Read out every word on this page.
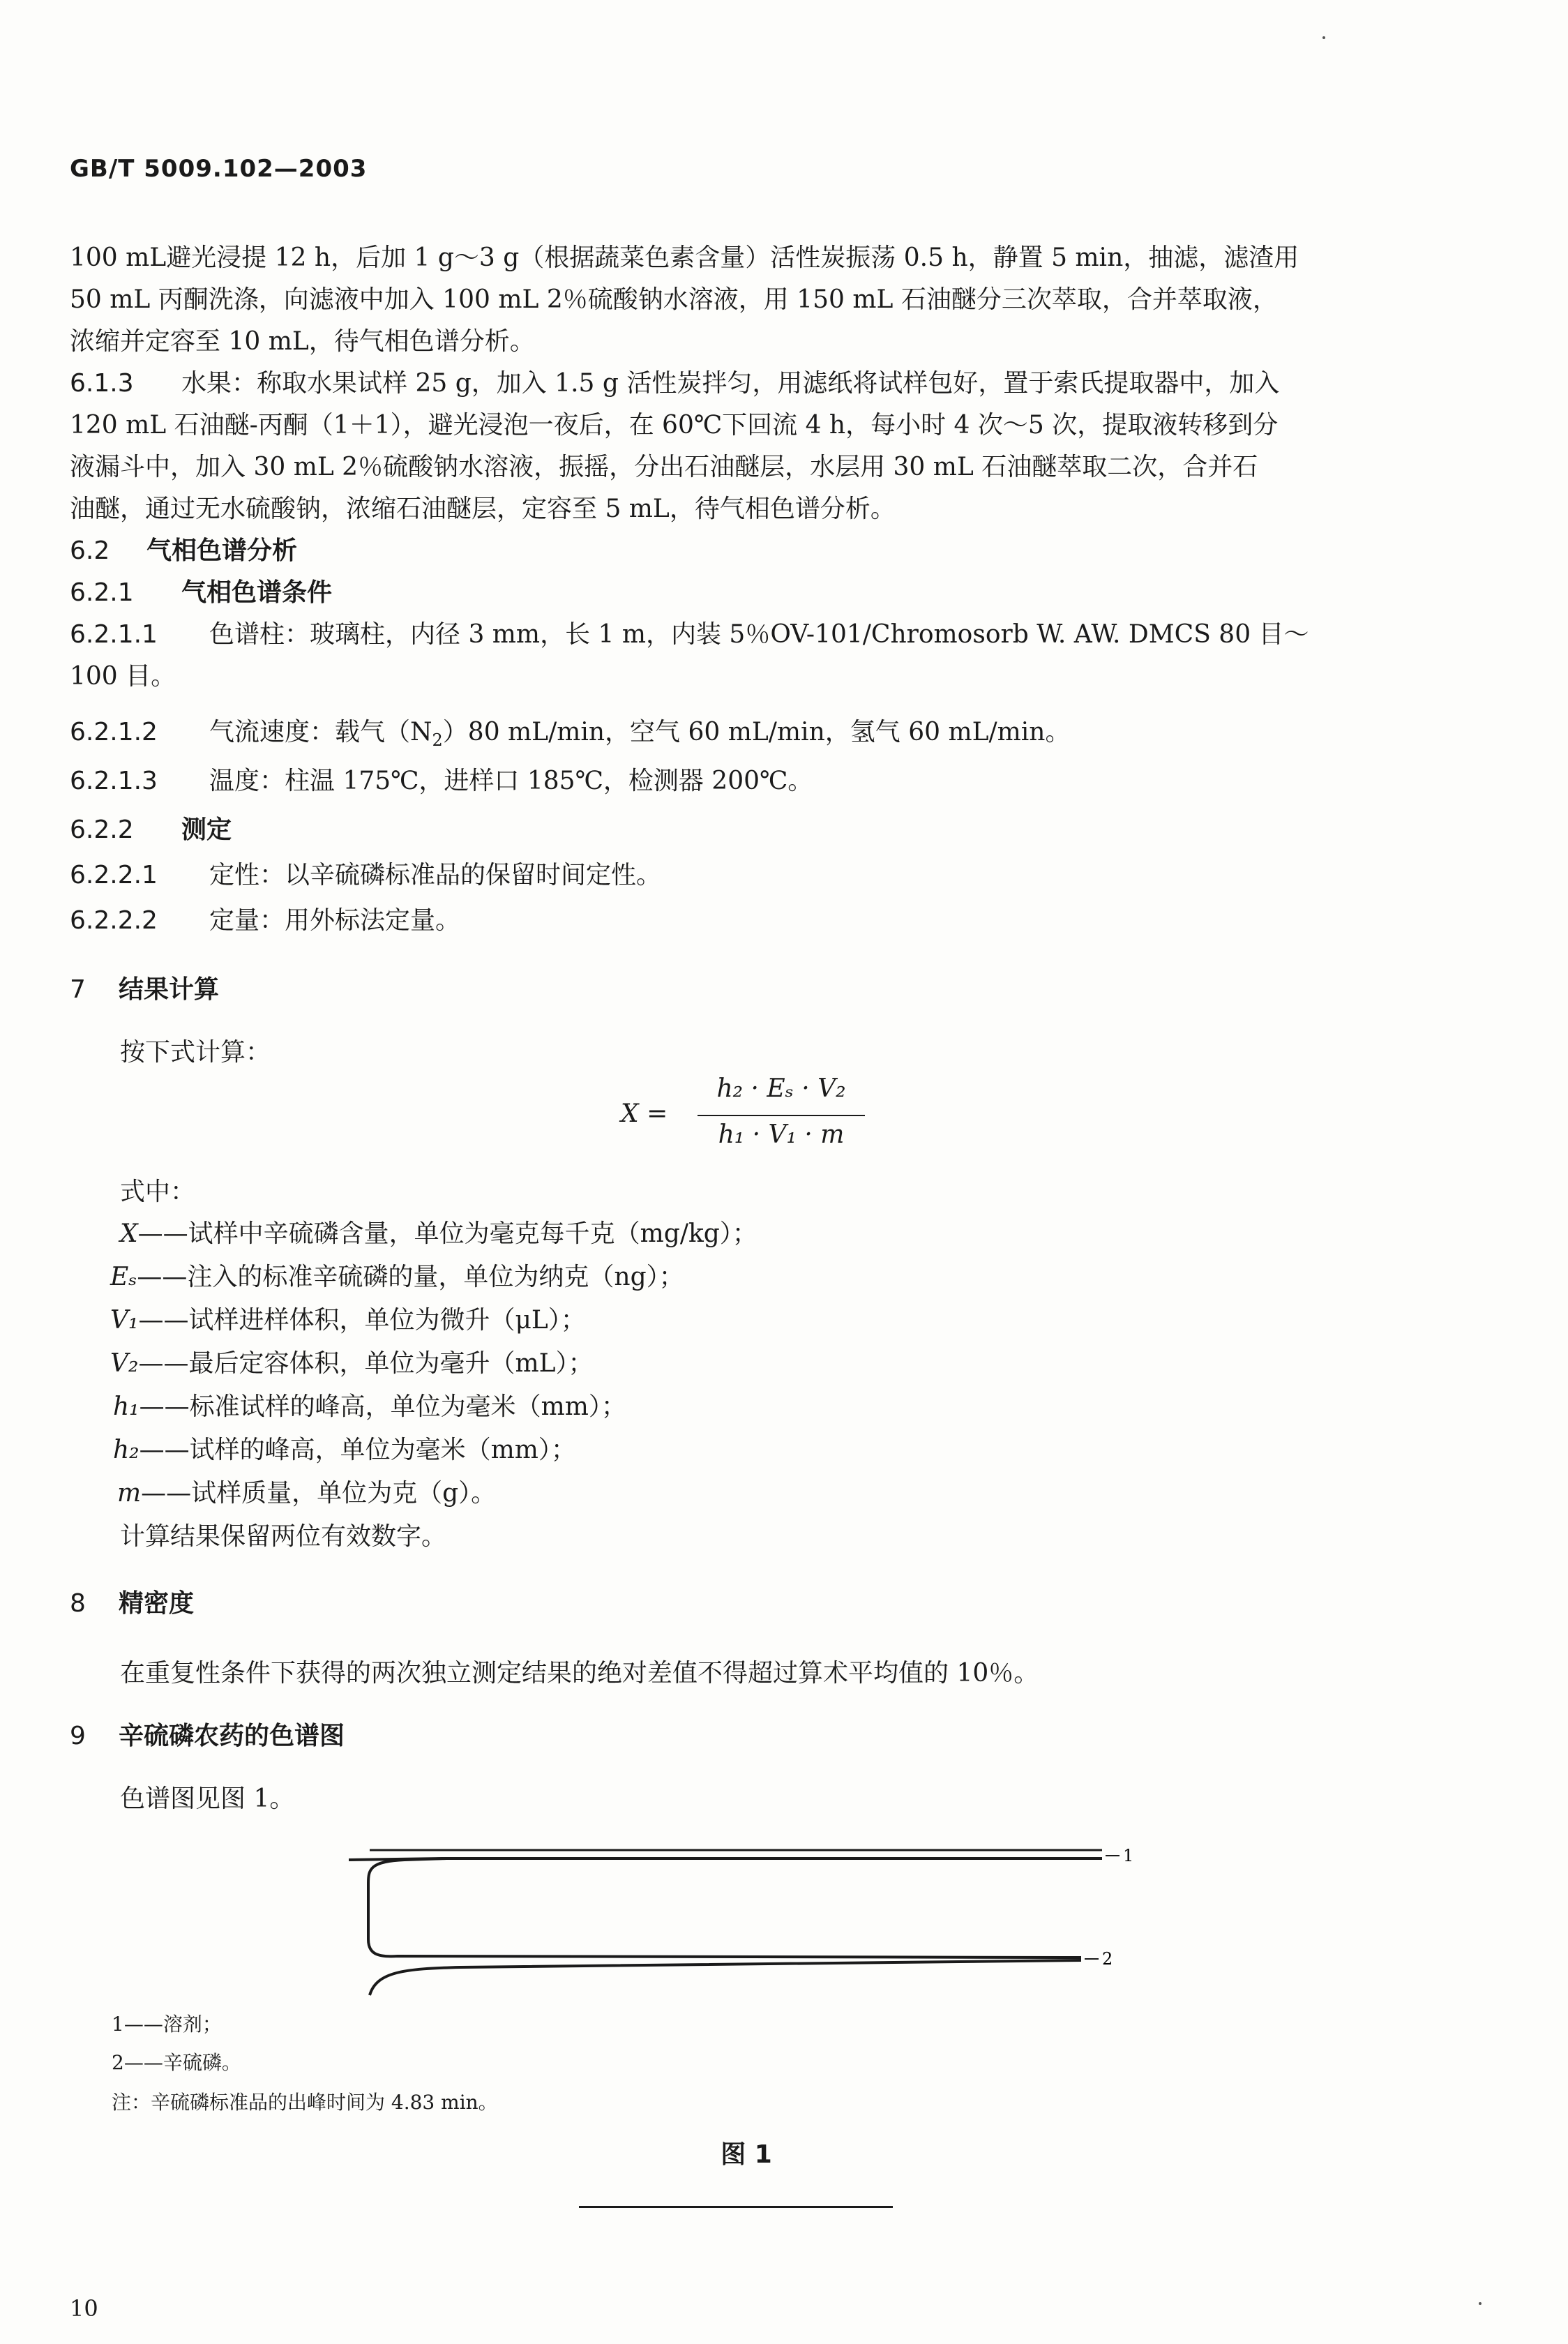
GB/T 5009.102—2003
100 mL避光浸提 12 h，后加 1 g～3 g（根据蔬菜色素含量）活性炭振荡 0.5 h，静置 5 min，抽滤，滤渣用
50 mL 丙酮洗涤，向滤液中加入 100 mL 2％硫酸钠水溶液，用 150 mL 石油醚分三次萃取，合并萃取液，
浓缩并定容至 10 mL，待气相色谱分析。
6.1.3 水果：称取水果试样 25 g，加入 1.5 g 活性炭拌匀，用滤纸将试样包好，置于索氏提取器中，加入
120 mL 石油醚-丙酮（1＋1），避光浸泡一夜后，在 60℃下回流 4 h，每小时 4 次～5 次，提取液转移到分
液漏斗中，加入 30 mL 2％硫酸钠水溶液，振摇，分出石油醚层，水层用 30 mL 石油醚萃取二次，合并石
油醚，通过无水硫酸钠，浓缩石油醚层，定容至 5 mL，待气相色谱分析。
6.2 气相色谱分析
6.2.1 气相色谱条件
6.2.1.1 色谱柱：玻璃柱，内径 3 mm，长 1 m，内装 5％OV-101/Chromosorb W. AW. DMCS 80 目～
100 目。
6.2.1.2 气流速度：载气$(N_2)80$ mL/min，空气 60 mL/min，氢气 60 mL/min。
6.2.1.3 温度：柱温 175℃，进样口 185℃，检测器 200℃。
6.2.2 测定
6.2.2.1 定性：以辛硫磷标准品的保留时间定性。
6.2.2.2 定量：用外标法定量。
7 结果计算
按下式计算：
X =
h₂ · Eₛ · V₂
h₁ · V₁ · m
式中：
X——试样中辛硫磷含量，单位为毫克每千克（mg/kg）；
Eₛ——注入的标准辛硫磷的量，单位为纳克（ng）；
V₁——试样进样体积，单位为微升（μL）；
V₂——最后定容体积，单位为毫升（mL）；
h₁——标准试样的峰高，单位为毫米（mm）；
h₂——试样的峰高，单位为毫米（mm）；
m——试样质量，单位为克（g）。
计算结果保留两位有效数字。
8 精密度
在重复性条件下获得的两次独立测定结果的绝对差值不得超过算术平均值的 10％。
9 辛硫磷农药的色谱图
色谱图见图 1。
1
2
1——溶剂；
2——辛硫磷。
注：辛硫磷标准品的出峰时间为 4.83 min。
图 1
10
